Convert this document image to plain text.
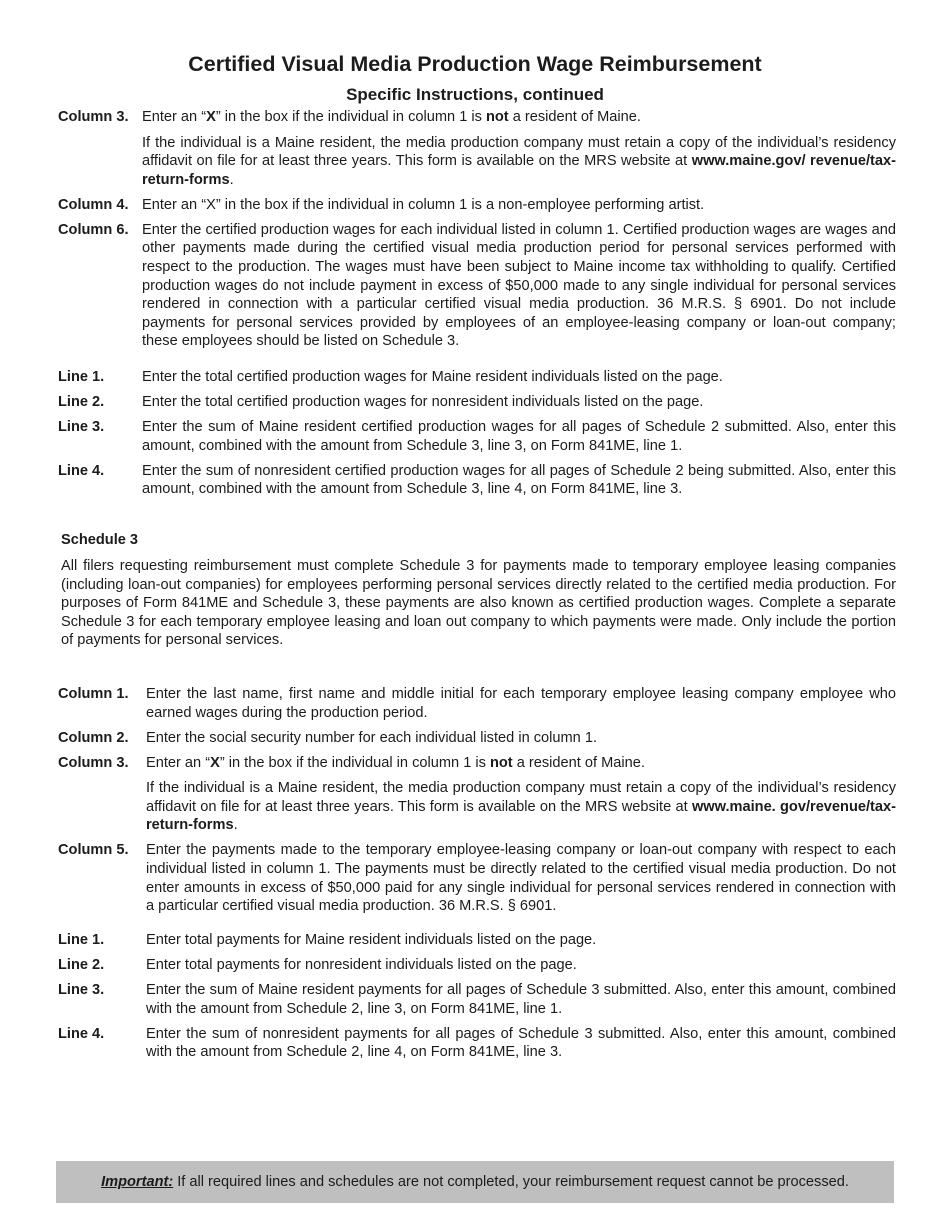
Certified Visual Media Production Wage Reimbursement
Specific Instructions, continued
Column 3. Enter an “X” in the box if the individual in column 1 is not a resident of Maine.

If the individual is a Maine resident, the media production company must retain a copy of the individual’s residency affidavit on file for at least three years. This form is available on the MRS website at www.maine.gov/ revenue/tax-return-forms.

Column 4. Enter an “X” in the box if the individual in column 1 is a non-employee performing artist.
Column 6. Enter the certified production wages for each individual listed in column 1. Certified production wages are wages and other payments made during the certified visual media production period for personal services performed with respect to the production. The wages must have been subject to Maine income tax withholding to qualify. Certified production wages do not include payment in excess of $50,000 made to any single individual for personal services rendered in connection with a particular certified visual media production. 36 M.R.S. § 6901. Do not include payments for personal services provided by employees of an employee-leasing company or loan-out company; these employees should be listed on Schedule 3.
Line 1.	Enter the total certified production wages for Maine resident individuals listed on the page.
Line 2.	Enter the total certified production wages for nonresident individuals listed on the page.
Line 3.	Enter the sum of Maine resident certified production wages for all pages of Schedule 2 submitted. Also, enter this amount, combined with the amount from Schedule 3, line 3, on Form 841ME, line 1.
Line 4.	Enter the sum of nonresident certified production wages for all pages of Schedule 2 being submitted. Also, enter this amount, combined with the amount from Schedule 3, line 4, on Form 841ME, line 3.
Schedule 3
All filers requesting reimbursement must complete Schedule 3 for payments made to temporary employee leasing companies (including loan-out companies) for employees performing personal services directly related to the certified media production. For purposes of Form 841ME and Schedule 3, these payments are also known as certified production wages. Complete a separate Schedule 3 for each temporary employee leasing and loan out company to which payments were made. Only include the portion of payments for personal services.
Column 1.	Enter the last name, first name and middle initial for each temporary employee leasing company employee who earned wages during the production period.
Column 2.	Enter the social security number for each individual listed in column 1.
Column 3.	Enter an “X” in the box if the individual in column 1 is not a resident of Maine.

If the individual is a Maine resident, the media production company must retain a copy of the individual’s residency affidavit on file for at least three years. This form is available on the MRS website at www.maine. gov/revenue/tax-return-forms.

Column 5.	Enter the payments made to the temporary employee-leasing company or loan-out company with respect to each individual listed in column 1. The payments must be directly related to the certified visual media production. Do not enter amounts in excess of $50,000 paid for any single individual for personal services rendered in connection with a particular certified visual media production. 36 M.R.S. § 6901.
Line 1.	Enter total payments for Maine resident individuals listed on the page.
Line 2.	Enter total payments for nonresident individuals listed on the page.
Line 3.	Enter the sum of Maine resident payments for all pages of Schedule 3 submitted. Also, enter this amount, combined with the amount from Schedule 2, line 3, on Form 841ME, line 1.
Line 4.	Enter the sum of nonresident payments for all pages of Schedule 3 submitted. Also, enter this amount, combined with the amount from Schedule 2, line 4, on Form 841ME, line 3.
Important: If all required lines and schedules are not completed, your reimbursement request cannot be processed.
